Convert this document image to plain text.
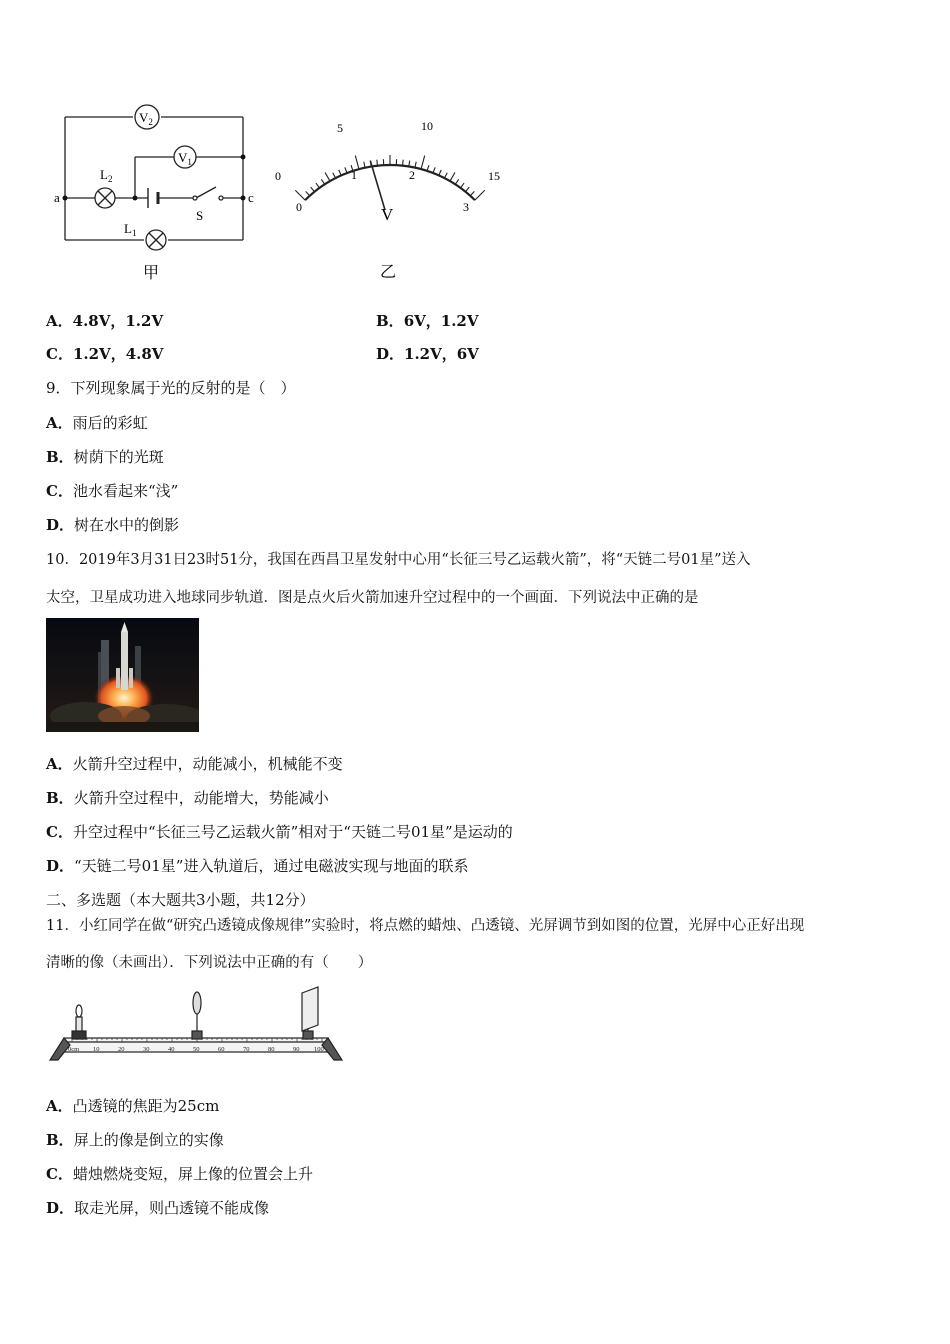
a	c
$V_2$
$V_1$
$L_2$
$L_1$
S
甲
0
5	10
15
0
1	2
3
V
乙
A．4.8V，1.2V	B．6V，1.2V
C．1.2V，4.8V	D．1.2V，6V
9．下列现象属于光的反射的是（　）
A．雨后的彩虹
B．树荫下的光斑
C．池水看起来“浅”
D．树在水中的倒影
10．2019年3月31日23时51分，我国在西昌卫星发射中心用“长征三号乙运载火箭”，将“天链二号01星”送入
太空，卫星成功进入地球同步轨道．图是点火后火箭加速升空过程中的一个画面．下列说法中正确的是
A．火箭升空过程中，动能减小，机械能不变
B．火箭升空过程中，动能增大，势能减小
C．升空过程中“长征三号乙运载火箭”相对于“天链二号01星”是运动的
D．“天链二号01星”进入轨道后，通过电磁波实现与地面的联系
二、多选题（本大题共3小题，共12分）
11．小红同学在做“研究凸透镜成像规律”实验时，将点燃的蜡烛、凸透镜、光屏调节到如图的位置，光屏中心正好出现
清晰的像（未画出）．下列说法中正确的有（　　）
0cm 10	20	30	40	50	60	70	80	90 100
A．凸透镜的焦距为25cm
B．屏上的像是倒立的实像
C．蜡烛燃烧变短，屏上像的位置会上升
D．取走光屏，则凸透镜不能成像
